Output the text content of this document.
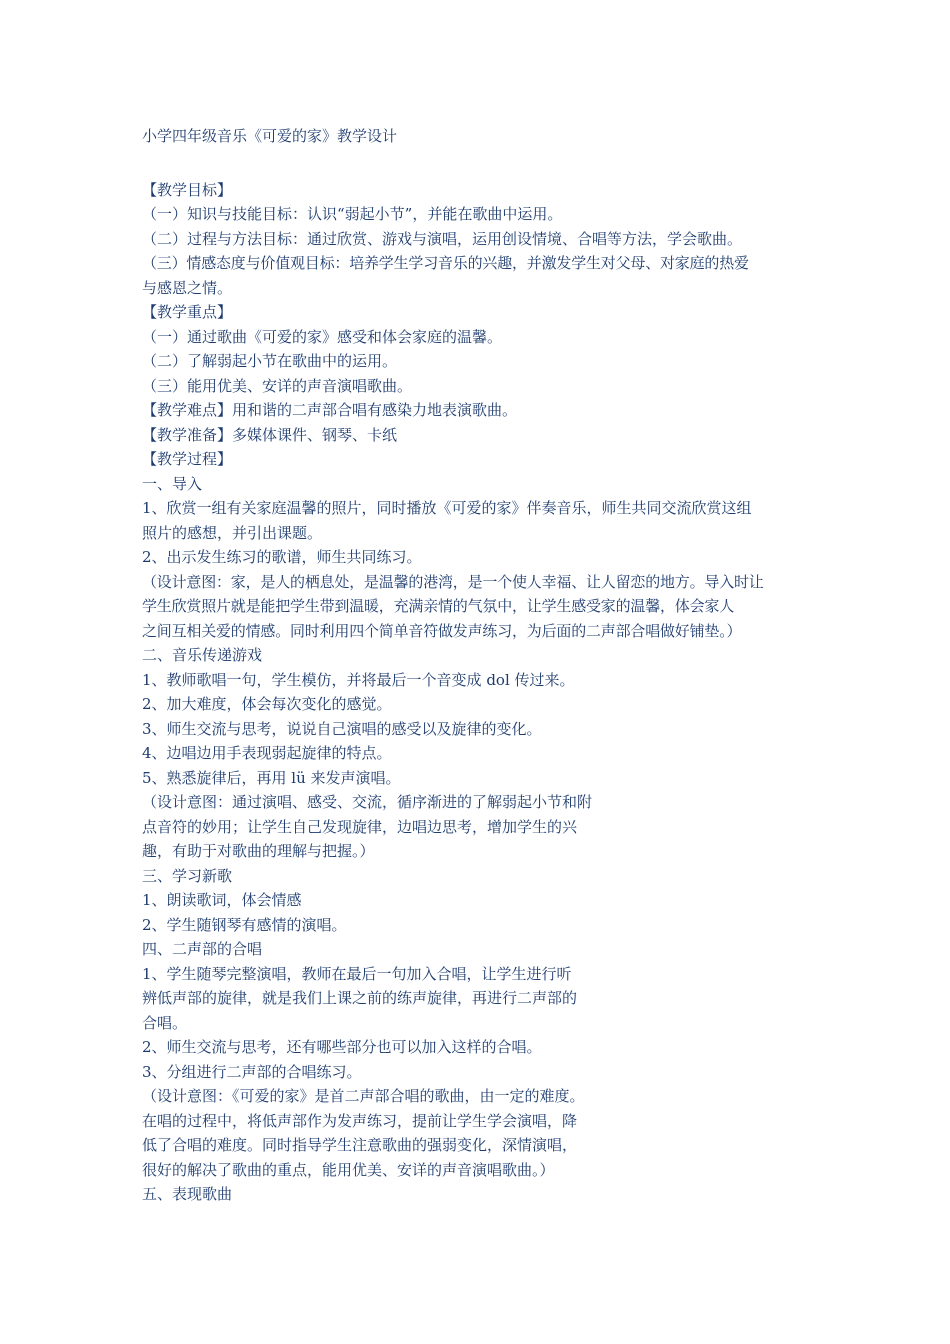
小学四年级音乐《可爱的家》教学设计
【教学目标】
（一）知识与技能目标：认识“弱起小节”，并能在歌曲中运用。
（二）过程与方法目标：通过欣赏、游戏与演唱，运用创设情境、合唱等方法，学会歌曲。
（三）情感态度与价值观目标：培养学生学习音乐的兴趣，并激发学生对父母、对家庭的热爱
与感恩之情。
【教学重点】
（一）通过歌曲《可爱的家》感受和体会家庭的温馨。
（二）了解弱起小节在歌曲中的运用。
（三）能用优美、安详的声音演唱歌曲。
【教学难点】用和谐的二声部合唱有感染力地表演歌曲。
【教学准备】多媒体课件、钢琴、卡纸
【教学过程】
一、导入
1、欣赏一组有关家庭温馨的照片，同时播放《可爱的家》伴奏音乐，师生共同交流欣赏这组
照片的感想，并引出课题。
2、出示发生练习的歌谱，师生共同练习。
（设计意图：家，是人的栖息处，是温馨的港湾，是一个使人幸福、让人留恋的地方。导入时让
学生欣赏照片就是能把学生带到温暖，充满亲情的气氛中，让学生感受家的温馨，体会家人
之间互相关爱的情感。同时利用四个简单音符做发声练习，为后面的二声部合唱做好铺垫。）
二、音乐传递游戏
1、教师歌唱一句，学生模仿，并将最后一个音变成 dol 传过来。
2、加大难度，体会每次变化的感觉。
3、师生交流与思考，说说自己演唱的感受以及旋律的变化。
4、边唱边用手表现弱起旋律的特点。
5、熟悉旋律后，再用 lü 来发声演唱。
（设计意图：通过演唱、感受、交流，循序渐进的了解弱起小节和附
点音符的妙用；让学生自己发现旋律，边唱边思考，增加学生的兴
趣，有助于对歌曲的理解与把握。）
三、学习新歌
1、朗读歌词，体会情感
2、学生随钢琴有感情的演唱。
四、二声部的合唱
1、学生随琴完整演唱，教师在最后一句加入合唱，让学生进行听
辨低声部的旋律，就是我们上课之前的练声旋律，再进行二声部的
合唱。
2、师生交流与思考，还有哪些部分也可以加入这样的合唱。
3、分组进行二声部的合唱练习。
（设计意图：《可爱的家》是首二声部合唱的歌曲，由一定的难度。
在唱的过程中，将低声部作为发声练习，提前让学生学会演唱，降
低了合唱的难度。同时指导学生注意歌曲的强弱变化，深情演唱，
很好的解决了歌曲的重点，能用优美、安详的声音演唱歌曲。）
五、表现歌曲
